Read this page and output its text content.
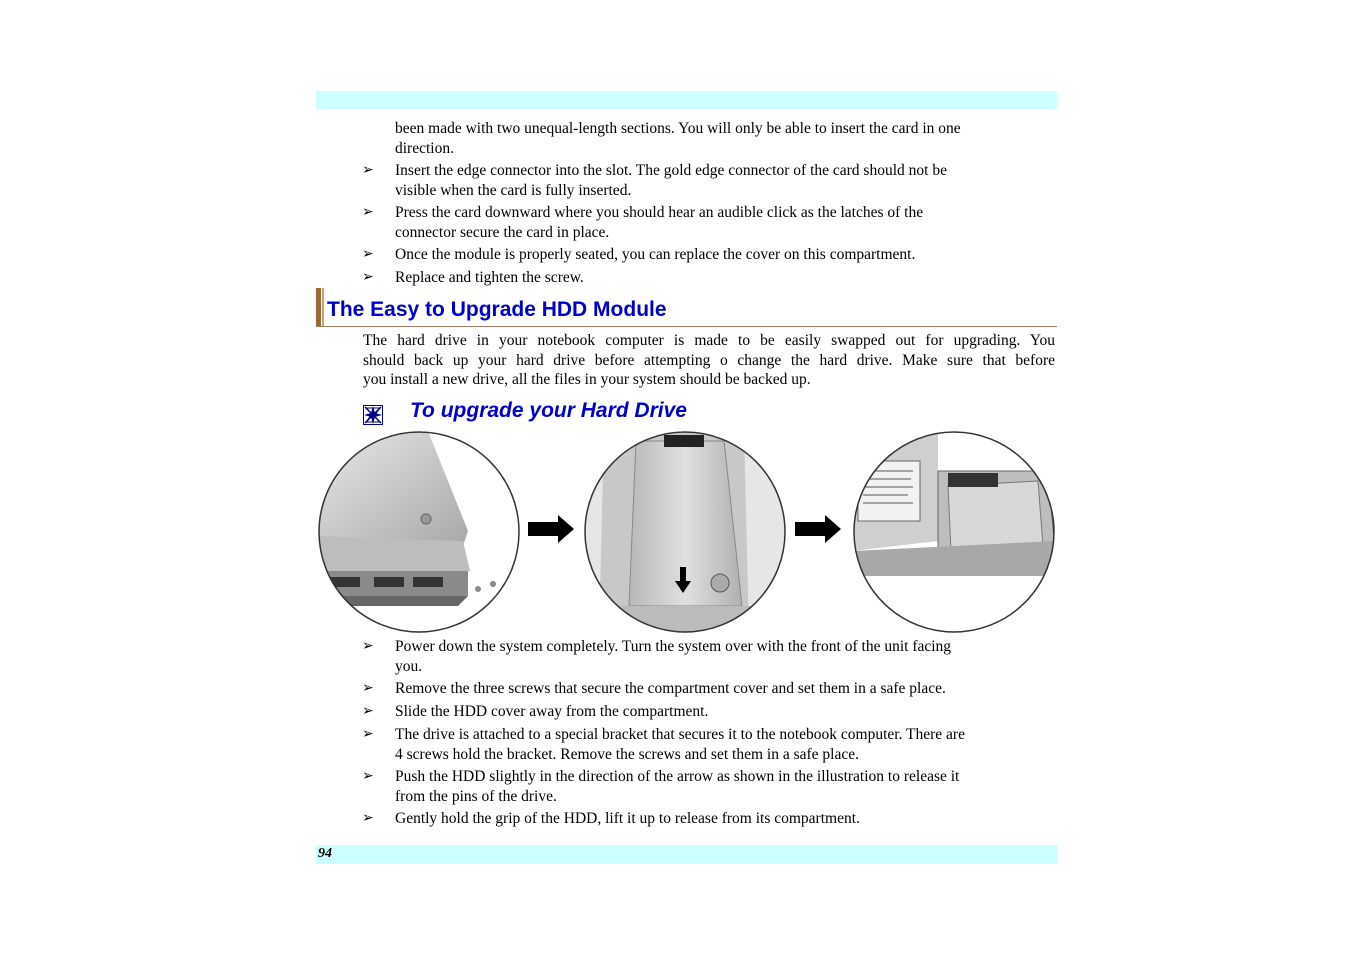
been made with two unequal-length sections. You will only be able to insert the card in one
direction.
➢	Insert the edge connector into the slot. The gold edge connector of the card should not be
visible when the card is fully inserted.
➢	Press the card downward where you should hear an audible click as the latches of the
connector secure the card in place.
➢	Once the module is properly seated, you can replace the cover on this compartment.
➢	Replace and tighten the screw.
The Easy to Upgrade HDD Module
The hard drive in your notebook computer is made to be easily swapped out for upgrading. You
should back up your hard drive before attempting o change the hard drive. Make sure that before
you install a new drive, all the files in your system should be backed up.
To upgrade your Hard Drive
➢	Power down the system completely. Turn the system over with the front of the unit facing
you.
➢	Remove the three screws that secure the compartment cover and set them in a safe place.
➢	Slide the HDD cover away from the compartment.
➢	The drive is attached to a special bracket that secures it to the notebook computer. There are
4 screws hold the bracket. Remove the screws and set them in a safe place.
➢	Push the HDD slightly in the direction of the arrow as shown in the illustration to release it
from the pins of the drive.
➢	Gently hold the grip of the HDD, lift it up to release from its compartment.
94
